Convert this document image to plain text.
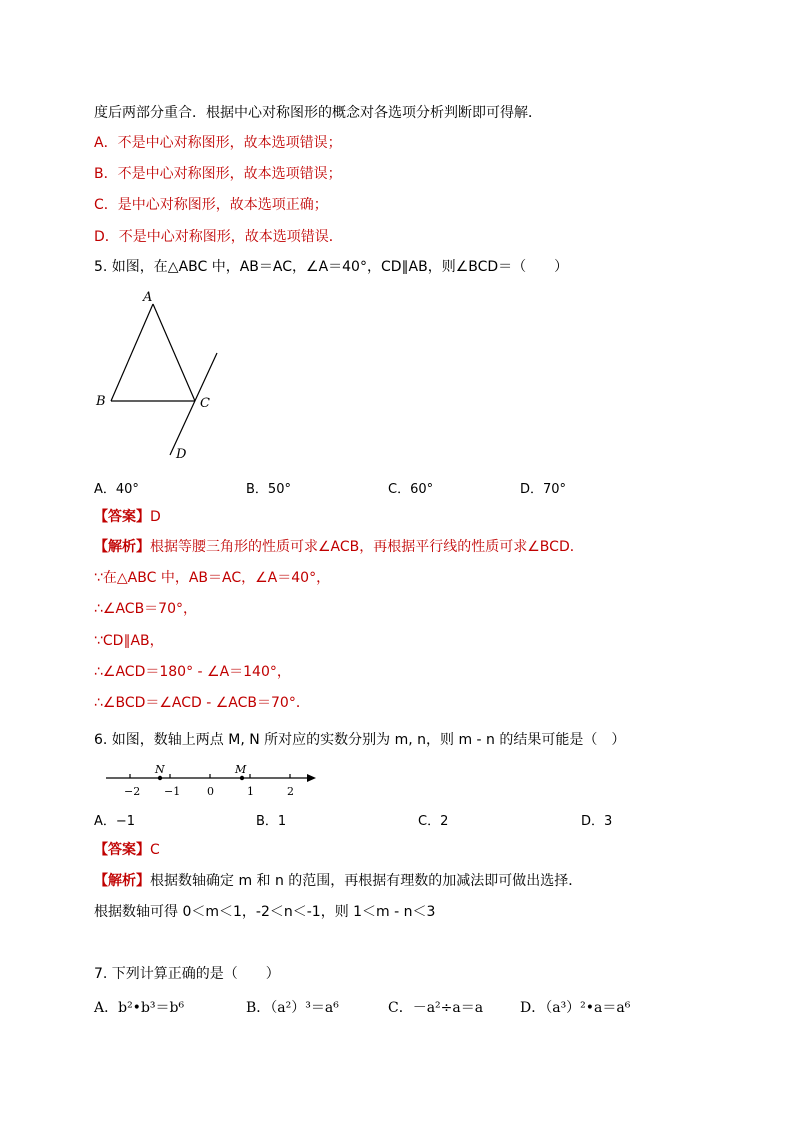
度后两部分重合．根据中心对称图形的概念对各选项分析判断即可得解．
A．不是中心对称图形，故本选项错误；
B．不是中心对称图形，故本选项错误；
C．是中心对称图形，故本选项正确；
D．不是中心对称图形，故本选项错误．
5. 如图，在△ABC 中，AB＝AC，∠A＝40°，CD∥AB，则∠BCD＝（　　）
A
B	C
D
A．40°	B．50°	C．60°	D．70°
【答案】D
【解析】根据等腰三角形的性质可求∠ACB，再根据平行线的性质可求∠BCD．
∵在△ABC 中，AB＝AC，∠A＝40°，
∴∠ACB＝70°，
∵CD∥AB，
∴∠ACD＝180° - ∠A＝140°，
∴∠BCD＝∠ACD - ∠ACB＝70°．
6. 如图，数轴上两点 M, N 所对应的实数分别为 m, n，则 m - n 的结果可能是（　）
N	M
−2 −1 0	1	2
A．−1	B．1	C．2	D．3
【答案】C
【解析】根据数轴确定 m 和 n 的范围，再根据有理数的加减法即可做出选择．
根据数轴可得 0＜m＜1，-2＜n＜-1，则 1＜m - n＜3
7. 下列计算正确的是（　　）
A．b²•b³＝b⁶	B．（a²）³＝a⁶	C．－a²÷a＝a	D．（a³）²•a＝a⁶
